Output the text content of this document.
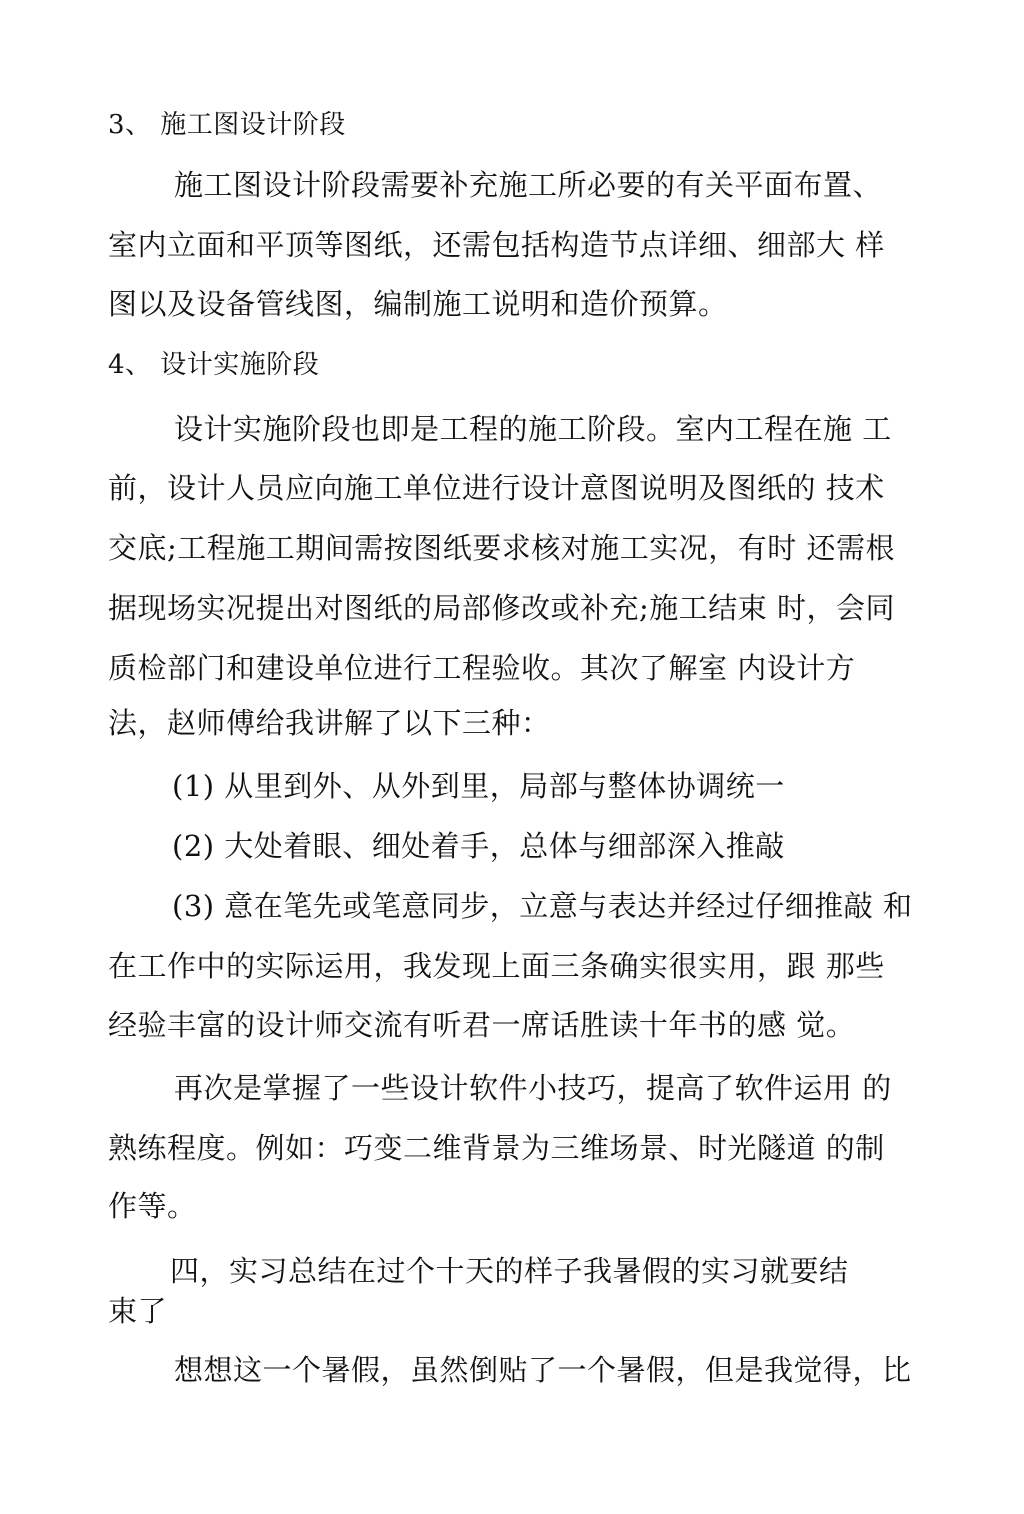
3、 施工图设计阶段
施工图设计阶段需要补充施工所必要的有关平面布置、
室内立面和平顶等图纸，还需包括构造节点详细、细部大 样
图以及设备管线图，编制施工说明和造价预算。
4、 设计实施阶段
设计实施阶段也即是工程的施工阶段。室内工程在施 工
前，设计人员应向施工单位进行设计意图说明及图纸的 技术
交底;工程施工期间需按图纸要求核对施工实况，有时 还需根
据现场实况提出对图纸的局部修改或补充;施工结束 时，会同
质检部门和建设单位进行工程验收。其次了解室 内设计方
法，赵师傅给我讲解了以下三种：
(1) 从里到外、从外到里，局部与整体协调统一
(2) 大处着眼、细处着手，总体与细部深入推敲
(3) 意在笔先或笔意同步，立意与表达并经过仔细推敲 和
在工作中的实际运用，我发现上面三条确实很实用，跟 那些
经验丰富的设计师交流有听君一席话胜读十年书的感 觉。
再次是掌握了一些设计软件小技巧，提高了软件运用 的
熟练程度。例如：巧变二维背景为三维场景、时光隧道 的制
作等。
四，实习总结在过个十天的样子我暑假的实习就要结
束了
想想这一个暑假，虽然倒贴了一个暑假，但是我觉得，比
